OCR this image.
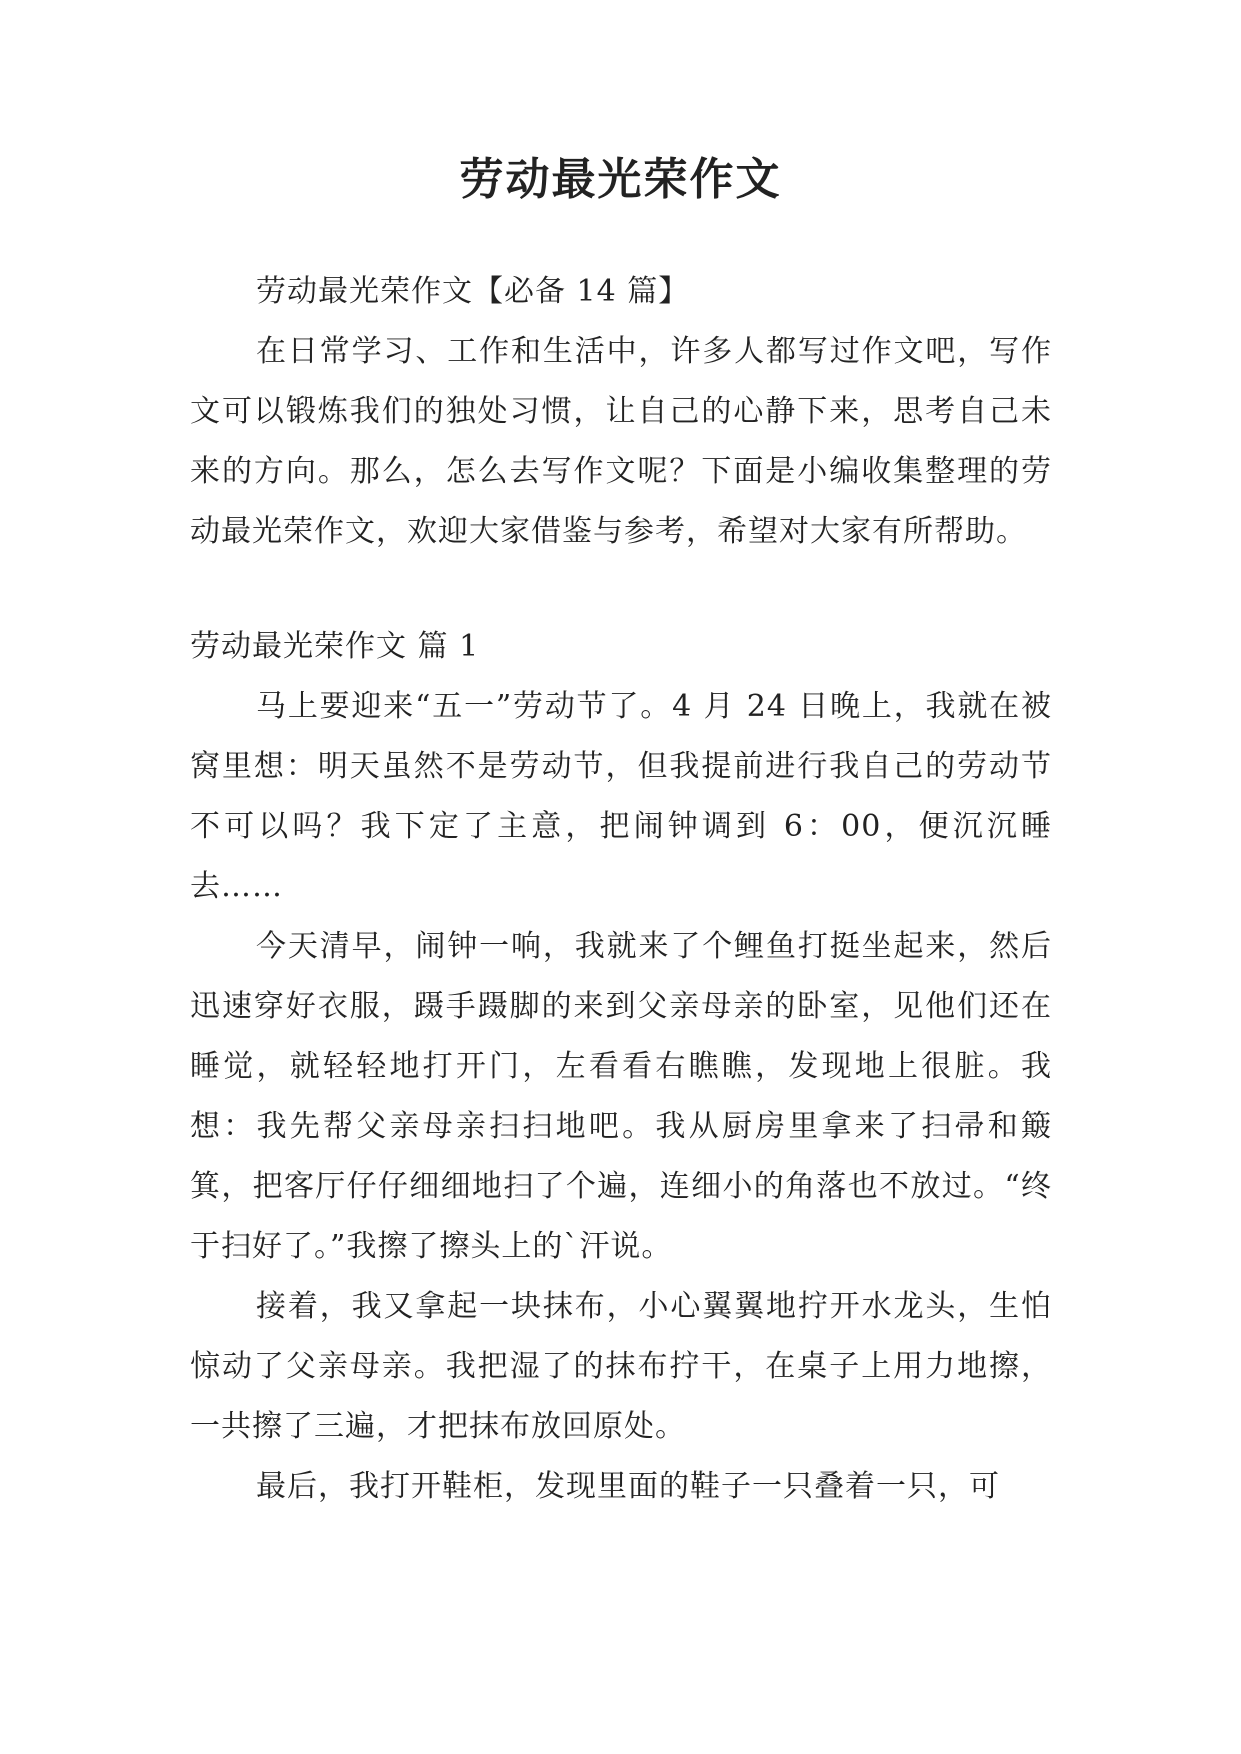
劳动最光荣作文

劳动最光荣作文【必备 14 篇】

在日常学习、工作和生活中，许多人都写过作文吧，写作文可以锻炼我们的独处习惯，让自己的心静下来，思考自己未来的方向。那么，怎么去写作文呢？下面是小编收集整理的劳动最光荣作文，欢迎大家借鉴与参考，希望对大家有所帮助。

劳动最光荣作文 篇 1

马上要迎来“五一”劳动节了。4 月 24 日晚上，我就在被窝里想：明天虽然不是劳动节，但我提前进行我自己的劳动节不可以吗？我下定了主意，把闹钟调到 6：00，便沉沉睡去……

今天清早，闹钟一响，我就来了个鲤鱼打挺坐起来，然后迅速穿好衣服，蹑手蹑脚的来到父亲母亲的卧室，见他们还在睡觉，就轻轻地打开门，左看看右瞧瞧，发现地上很脏。我想：我先帮父亲母亲扫扫地吧。我从厨房里拿来了扫帚和簸箕，把客厅仔仔细细地扫了个遍，连细小的角落也不放过。“终于扫好了。”我擦了擦头上的`汗说。

接着，我又拿起一块抹布，小心翼翼地拧开水龙头，生怕惊动了父亲母亲。我把湿了的抹布拧干，在桌子上用力地擦，一共擦了三遍，才把抹布放回原处。

最后，我打开鞋柜，发现里面的鞋子一只叠着一只，可
